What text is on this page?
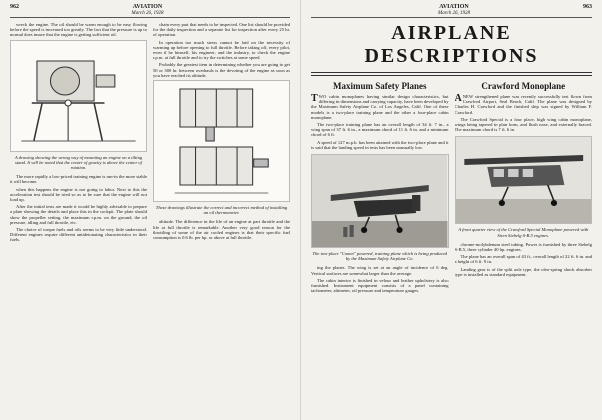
962	AVIATION
March 26, 1928

wreck the engine. The oil should be warm enough to be easy flowing before the speed is increased too greatly. The fact that the pressure is up to normal does insure that the engine is getting sufficient oil.

A drawing showing the wrong way of mounting an engine on a tilting stand. It will be noted that the center of gravity is above the center of rotation.

The more rapidly a low-priced training engine is run-in the more stable it will become.

when this happens the engine is not going to labor. Next to this the acceleration test should be tried so as to be sure that the engine will not load up.

After the initial tests are made it would be highly advisable to prepare a plate showing the details and place this in the cockpit. The plate should show the propeller setting, the maximum r.p.m. on the ground, the oil pressure, idling and full throttle, etc.

The choice of torque fuels and oils seems to be very little understood. Different engines require different antidetonating characteristics in their fuels.

chain every part that needs to be inspected. One list should be provided for the daily inspection and a separate list for inspection after every 25 hr. of operation.

In operation too much stress cannot be laid on the necessity of warming up before opening to full throttle. Before taking off, every pilot, even if he himself, his engineer, and the industry, to check the engine r.p.m. at full throttle and to try the switches at some speed.

Probably the greatest item in determining whether you are going to get 50 or 300 hr. between overhauls is the devoting of the engine as soon as you have reached its altitude.

These drawings illustrate the correct and incorrect method of installing an oil thermometer.

altitude. The difference in the life of an engine at part throttle and the life at full throttle is remarkable. Another very good reason for the throttling of some of the air cooled engines is that their specific fuel consumption is 0.6 lb. per hp. or above at full throttle.

AVIATION
March 26, 1928
963
AIRPLANE DESCRIPTIONS
Maximum Safety Planes

TWO cabin monoplanes having similar design characteristics, but differing in dimensions and carrying capacity, have been developed by the Maximum Safety Airplane Co. of Los Angeles, Calif. One of these models is a two-place training plane and the other a four-place cabin monoplane.

The two-place training plane has an overall length of 34 ft. 7 in., a wing span of 37 ft. 6 in., a maximum chord of 11 ft. 6 in. and a minimum chord of 6 ft.

A speed of 127 m.p.h. has been attained with the two-place plane and it is said that the landing speed in tests has been unusually low.

The two-place "Comet" powered, training plane which is being produced by the Maximum Safety Airplane Co.

ing the planes. The wing is set at an angle of incidence of 6 deg. Vertical surfaces are somewhat larger than the average.

The cabin interior is finished in velour and leather upholstery is also furnished. Instrument equipment consists of a panel containing tachometer, altimeter, oil pressure and temperature gauges.

Crawford Monoplane

ANEW strengthened plane was recently successfully test flown from Crawford Airport, Seal Beach, Calif. The plane was designed by Charles H. Crawford and the finished ship was signed by William F. Crawford.

The Crawford Special is a four place, high wing cabin monoplane, wings being tapered in plan form, and flush nose, and externally braced. The maximum chord is 7 ft. 6 in.

A front quarter view of the Crawford Special Monoplane powered with Siren Siebelg S-B.5 engines.

chrome-molybdenum steel tubing. Power is furnished by three Siebelg S-B.5, three cylinder 40 hp. engines.

The plane has an overall span of 43 ft., overall length of 22 ft. 6 in. and a height of 6 ft. 9 in.

Landing gear is of the split axle type, the oleo-spring shock absorber type is installed as standard equipment.
